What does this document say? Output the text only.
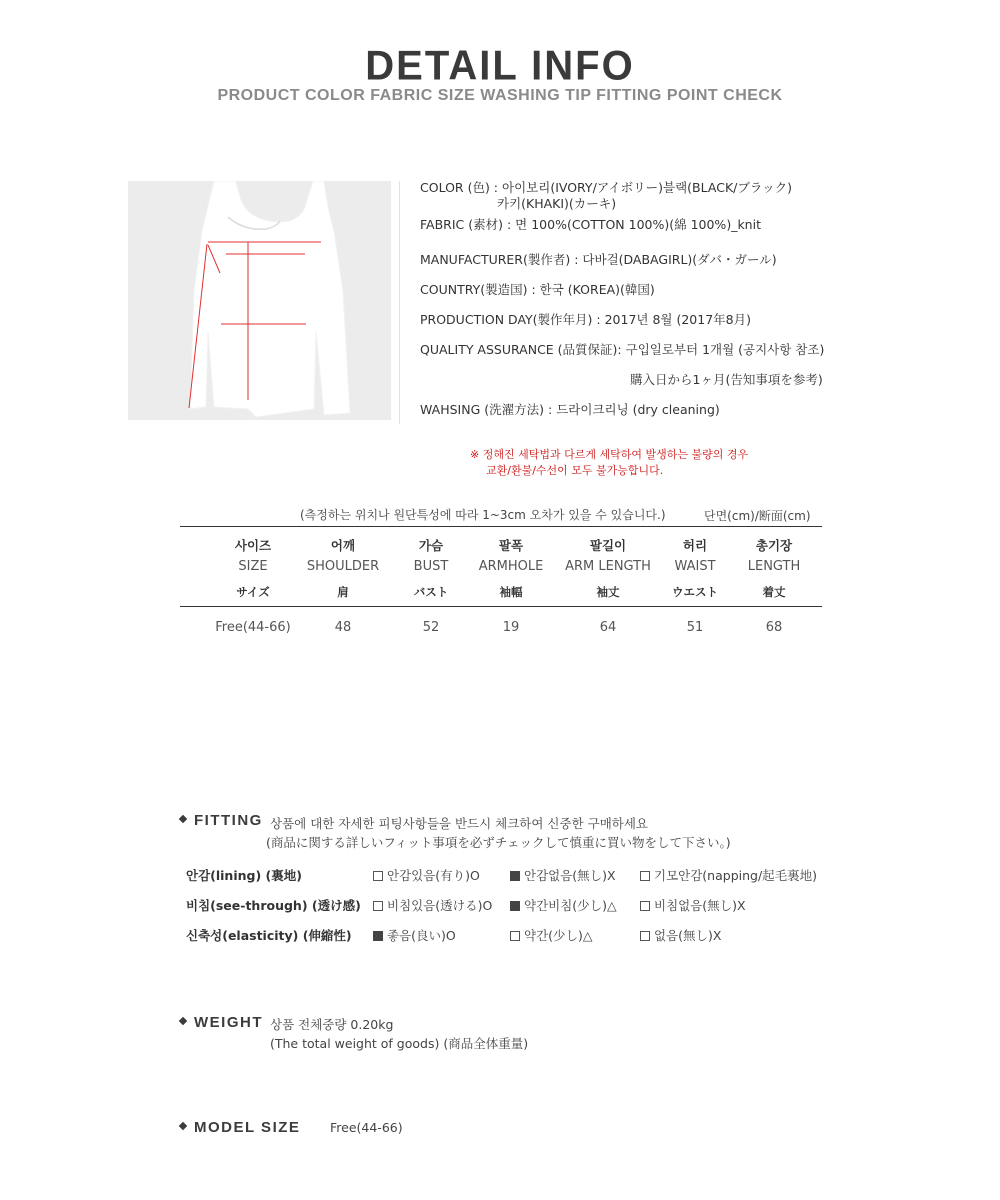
DETAIL INFO
PRODUCT COLOR FABRIC SIZE WASHING TIP FITTING POINT CHECK
COLOR (色) : 아이보리(IVORY/アイボリー)블랙(BLACK/ブラック)
카키(KHAKI)(カーキ)
FABRIC (素材) : 면 100%(COTTON 100%)(綿 100%)_knit
MANUFACTURER(製作者) : 다바걸(DABAGIRL)(ダバ・ガール)
COUNTRY(製造国) : 한국 (KOREA)(韓国)
PRODUCTION DAY(製作年月) : 2017년 8월 (2017年8月)
QUALITY ASSURANCE (品質保証): 구입일로부터 1개월 (공지사항 참조)
購入日から1ヶ月(告知事項を参考)
WAHSING (洗濯方法) : 드라이크리닝 (dry cleaning)
※ 정해진 세탁법과 다르게 세탁하여 발생하는 불량의 경우
교환/환불/수선이 모두 불가능합니다.
(측정하는 위치나 원단특성에 따라 1~3cm 오차가 있을 수 있습니다.)	단면(cm)/断面(cm)
사이즈	어깨	가슴	팔폭	팔길이	허리	총기장
SIZE	SHOULDER	BUST	ARMHOLE	ARM LENGTH	WAIST	LENGTH
サイズ	肩	バスト	袖幅	袖丈	ウエスト	着丈
Free(44-66)	48	52	19	64	51	68
FITTING 상품에 대한 자세한 피팅사항들을 반드시 체크하여 신중한 구매하세요
(商品に関する詳しいフィット事項を必ずチェックして慎重に買い物をして下さい。)
안감(lining) (裏地)	안감있음(有り)O	안감없음(無し)X	기모안감(napping/起毛裏地)
비침(see-through) (透け感)	비침있음(透ける)O	약간비침(少し)△	비침없음(無し)X
신축성(elasticity) (伸縮性)	좋음(良い)O	약간(少し)△	없음(無し)X
WEIGHT 상품 전체중량 0.20kg
(The total weight of goods) (商品全体重量)
MODEL SIZE Free(44-66)
